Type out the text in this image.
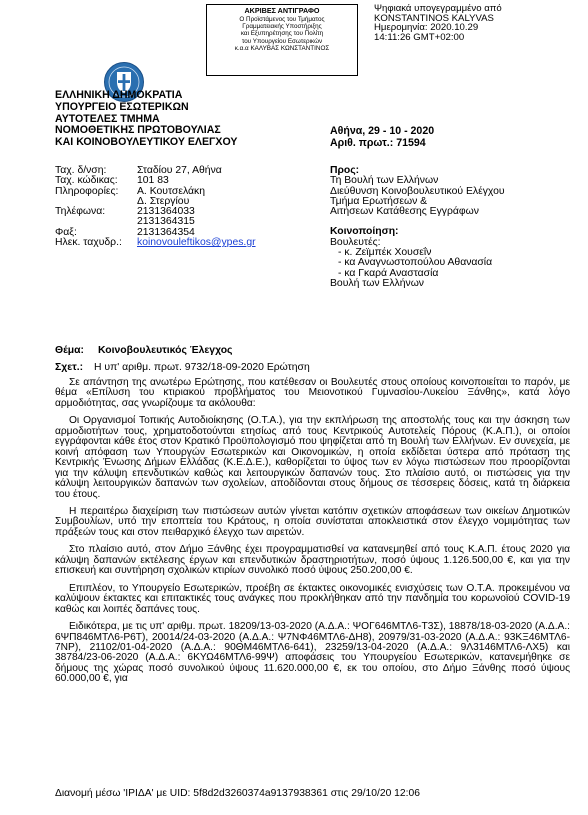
ΑΚΡΙΒΕΣ ΑΝΤΙΓΡΑΦΟ
Ο Προϊστάμενος του Τμήματος
Γραμματειακής Υποστήριξης
και Εξυπηρέτησης του Πολίτη
του Υπουργείου Εσωτερικών
κ.α.α ΚΑΛΥΒΑΣ ΚΩΝΣΤΑΝΤΙΝΟΣ
Ψηφιακά υπογεγραμμένο από
KONSTANTINOS KALYVAS
Ημερομηνία: 2020.10.29
14:11:26 GMT+02:00
ΕΛΛΗΝΙΚΗ ΔΗΜΟΚΡΑΤΙΑ
ΥΠΟΥΡΓΕΙΟ ΕΣΩΤΕΡΙΚΩΝ
ΑΥΤΟΤΕΛΕΣ ΤΜΗΜΑ
ΝΟΜΟΘΕΤΙΚΗΣ ΠΡΩΤΟΒΟΥΛΙΑΣ
ΚΑΙ ΚΟΙΝΟΒΟΥΛΕΥΤΙΚΟΥ ΕΛΕΓΧΟΥ
Αθήνα, 29 - 10 - 2020
Αριθ. πρωτ.: 71594
Ταχ. δ/νση:	Σταδίου 27, Αθήνα
Ταχ. κώδικας: 101 83
Πληροφορίες: Α. Κουτσελάκη
Δ. Στεργίου
Τηλέφωνα:	2131364033
2131364315
Φαξ:	2131364354
Ηλεκ. ταχυδρ.: koinovouleftikos@ypes.gr
Προς:
Τη Βουλή των Ελλήνων
Διεύθυνση Κοινοβουλευτικού Ελέγχου
Τμήμα Ερωτήσεων &
Αιτήσεων Κατάθεσης Εγγράφων
Κοινοποίηση:
Βουλευτές:
- κ. Ζεϊμπέκ Χουσεΐν
- κα Αναγνωστοπούλου Αθανασία
- κα Γκαρά Αναστασία
Βουλή των Ελλήνων
Θέμα: Κοινοβουλευτικός Έλεγχος
Σχετ.: Η υπ' αριθμ. πρωτ. 9732/18-09-2020 Ερώτηση

Σε απάντηση της ανωτέρω Ερώτησης, που κατέθεσαν οι Βουλευτές στους οποίους κοινοποιείται το παρόν, με θέμα «Επίλυση του κτιριακού προβλήματος του Μειονοτικού Γυμνασίου-Λυκείου Ξάνθης», κατά λόγο αρμοδιότητας, σας γνωρίζουμε τα ακόλουθα:

Οι Οργανισμοί Τοπικής Αυτοδιοίκησης (Ο.Τ.Α.), για την εκπλήρωση της αποστολής τους και την άσκηση των αρμοδιοτήτων τους, χρηματοδοτούνται ετησίως από τους Κεντρικούς Αυτοτελείς Πόρους (Κ.Α.Π.), οι οποίοι εγγράφονται κάθε έτος στον Κρατικό Προϋπολογισμό που ψηφίζεται από τη Βουλή των Ελλήνων. Εν συνεχεία, με κοινή απόφαση των Υπουργών Εσωτερικών και Οικονομικών, η οποία εκδίδεται ύστερα από πρόταση της Κεντρικής Ένωσης Δήμων Ελλάδας (Κ.Ε.Δ.Ε.), καθορίζεται το ύψος των εν λόγω πιστώσεων που προορίζονται για την κάλυψη επενδυτικών καθώς και λειτουργικών δαπανών τους. Στο πλαίσιο αυτό, οι πιστώσεις για την κάλυψη λειτουργικών δαπανών των σχολείων, αποδίδονται στους δήμους σε τέσσερεις δόσεις, κατά τη διάρκεια του έτους.

Η περαιτέρω διαχείριση των πιστώσεων αυτών γίνεται κατόπιν σχετικών αποφάσεων των οικείων Δημοτικών Συμβουλίων, υπό την εποπτεία του Κράτους, η οποία συνίσταται αποκλειστικά στον έλεγχο νομιμότητας των πράξεών τους και στον πειθαρχικό έλεγχο των αιρετών.

Στο πλαίσιο αυτό, στον Δήμο Ξάνθης έχει προγραμματισθεί να κατανεμηθεί από τους Κ.Α.Π. έτους 2020 για κάλυψη δαπανών εκτέλεσης έργων και επενδυτικών δραστηριοτήτων, ποσό ύψους 1.126.500,00 €, και για την επισκευή και συντήρηση σχολικών κτιρίων συνολικό ποσό ύψους 250.200,00 €.

Επιπλέον, το Υπουργείο Εσωτερικών, προέβη σε έκτακτες οικονομικές ενισχύσεις των Ο.Τ.Α. προκειμένου να καλύψουν έκτακτες και επιτακτικές τους ανάγκες που προκλήθηκαν από την πανδημία του κορωνοϊού COVID-19 καθώς και λοιπές δαπάνες τους.

Ειδικότερα, με τις υπ' αριθμ. πρωτ. 18209/13-03-2020 (Α.Δ.Α.: ΨΟΓ646ΜΤΛ6-Τ3Σ), 18878/18-03-2020 (Α.Δ.Α.: 6ΨΠ846ΜΤΛ6-Ρ6Τ), 20014/24-03-2020 (Α.Δ.Α.: Ψ7ΝΦ46ΜΤΛ6-ΔΗ8), 20979/31-03-2020 (Α.Δ.Α.: 93ΚΞ46ΜΤΛ6-7ΝΡ), 21102/01-04-2020 (Α.Δ.Α.: 90ΘΜ46ΜΤΛ6-641), 23259/13-04-2020 (Α.Δ.Α.: 9Λ3146ΜΤΛ6-ΛΧ5) και 38784/23-06-2020 (Α.Δ.Α.: 6ΚΥΩ46ΜΤΛ6-99Ψ) αποφάσεις του Υπουργείου Εσωτερικών, κατανεμήθηκε σε δήμους της χώρας ποσό συνολικού ύψους 11.620.000,00 €, εκ του οποίου, στο Δήμο Ξάνθης ποσό ύψους 60.000,00 €, για

Διανομή μέσω 'ΙΡΙΔΑ' με UID: 5f8d2d3260374a9137938361 στις 29/10/20 12:06
